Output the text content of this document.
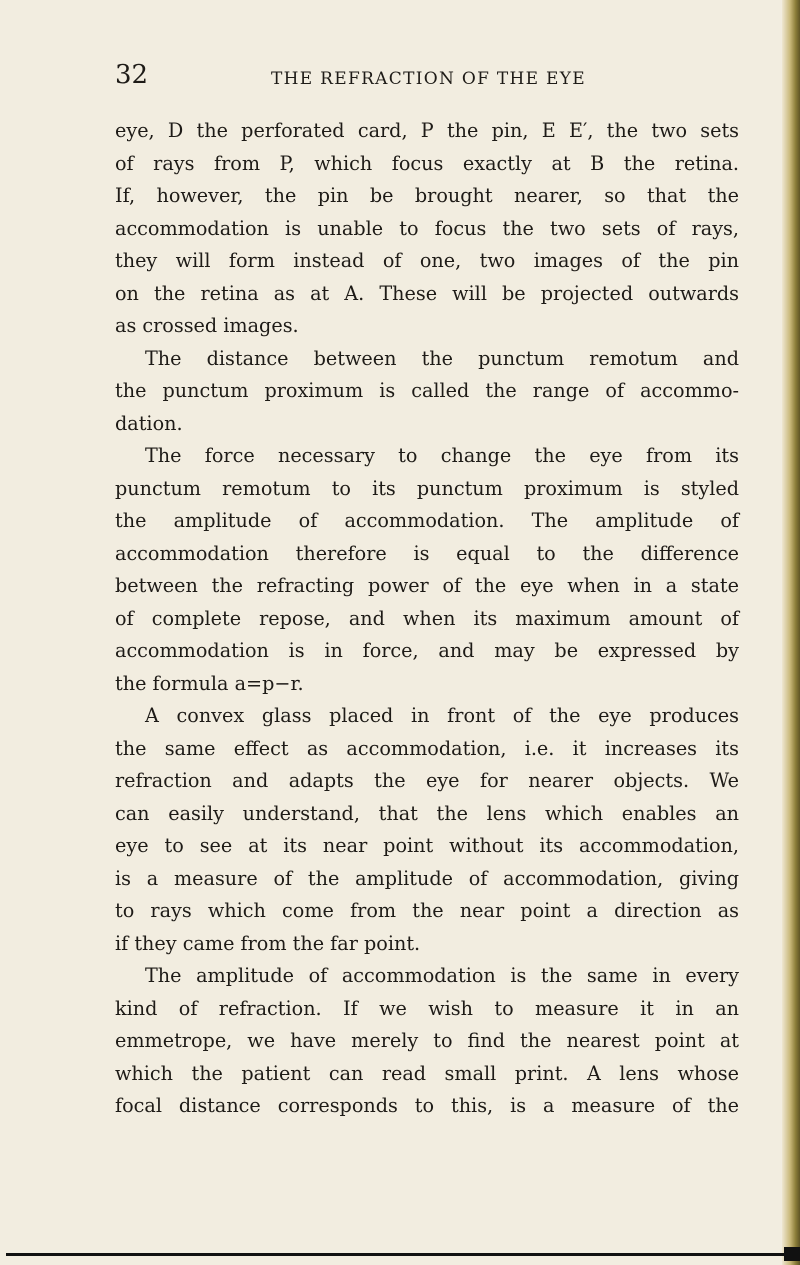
32	THE REFRACTION OF THE EYE
eye, D the perforated card, P the pin, E E′, the two sets
of rays from P, which focus exactly at B the retina.
If, however, the pin be brought nearer, so that the
accommodation is unable to focus the two sets of rays,
they will form instead of one, two images of the pin
on the retina as at A. These will be projected outwards
as crossed images.
The distance between the punctum remotum and
the punctum proximum is called the range of accommo-
dation.
The force necessary to change the eye from its
punctum remotum to its punctum proximum is styled
the amplitude of accommodation. The amplitude of
accommodation therefore is equal to the difference
between the refracting power of the eye when in a state
of complete repose, and when its maximum amount of
accommodation is in force, and may be expressed by
the formula a=p−r.
A convex glass placed in front of the eye produces
the same effect as accommodation, i.e. it increases its
refraction and adapts the eye for nearer objects. We
can easily understand, that the lens which enables an
eye to see at its near point without its accommodation,
is a measure of the amplitude of accommodation, giving
to rays which come from the near point a direction as
if they came from the far point.
The amplitude of accommodation is the same in every
kind of refraction. If we wish to measure it in an
emmetrope, we have merely to find the nearest point at
which the patient can read small print. A lens whose
focal distance corresponds to this, is a measure of the
